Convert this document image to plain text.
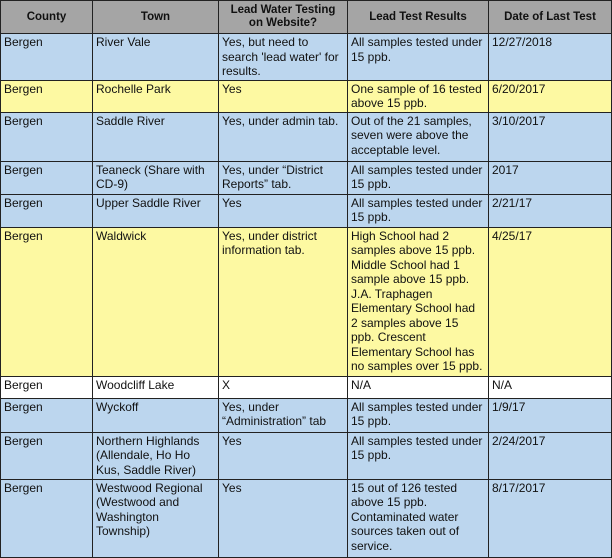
County	Town	Lead Water Testing on Website?	Lead Test Results	Date of Last Test
Bergen	River Vale	Yes, but need to search 'lead water' for results.	All samples tested under 15 ppb.	12/27/2018
Bergen	Rochelle Park	Yes	One sample of 16 tested above 15 ppb.	6/20/2017
Bergen	Saddle River	Yes, under admin tab.	Out of the 21 samples, seven were above the acceptable level.	3/10/2017
Bergen	Teaneck (Share with CD-9)	Yes, under “District Reports” tab.	All samples tested under 15 ppb.	2017
Bergen	Upper Saddle River	Yes	All samples tested under 15 ppb.	2/21/17
Bergen	Waldwick	Yes, under district information tab.	High School had 2 samples above 15 ppb. Middle School had 1 sample above 15 ppb. J.A. Traphagen Elementary School had 2 samples above 15 ppb. Crescent Elementary School has no samples over 15 ppb.	4/25/17
Bergen	Woodcliff Lake	X	N/A	N/A
Bergen	Wyckoff	Yes, under “Administration” tab	All samples tested under 15 ppb.	1/9/17
Bergen	Northern Highlands (Allendale, Ho Ho Kus, Saddle River)	Yes	All samples tested under 15 ppb.	2/24/2017
Bergen	Westwood Regional (Westwood and Washington Township)	Yes	15 out of 126 tested above 15 ppb. Contaminated water sources taken out of service.	8/17/2017
